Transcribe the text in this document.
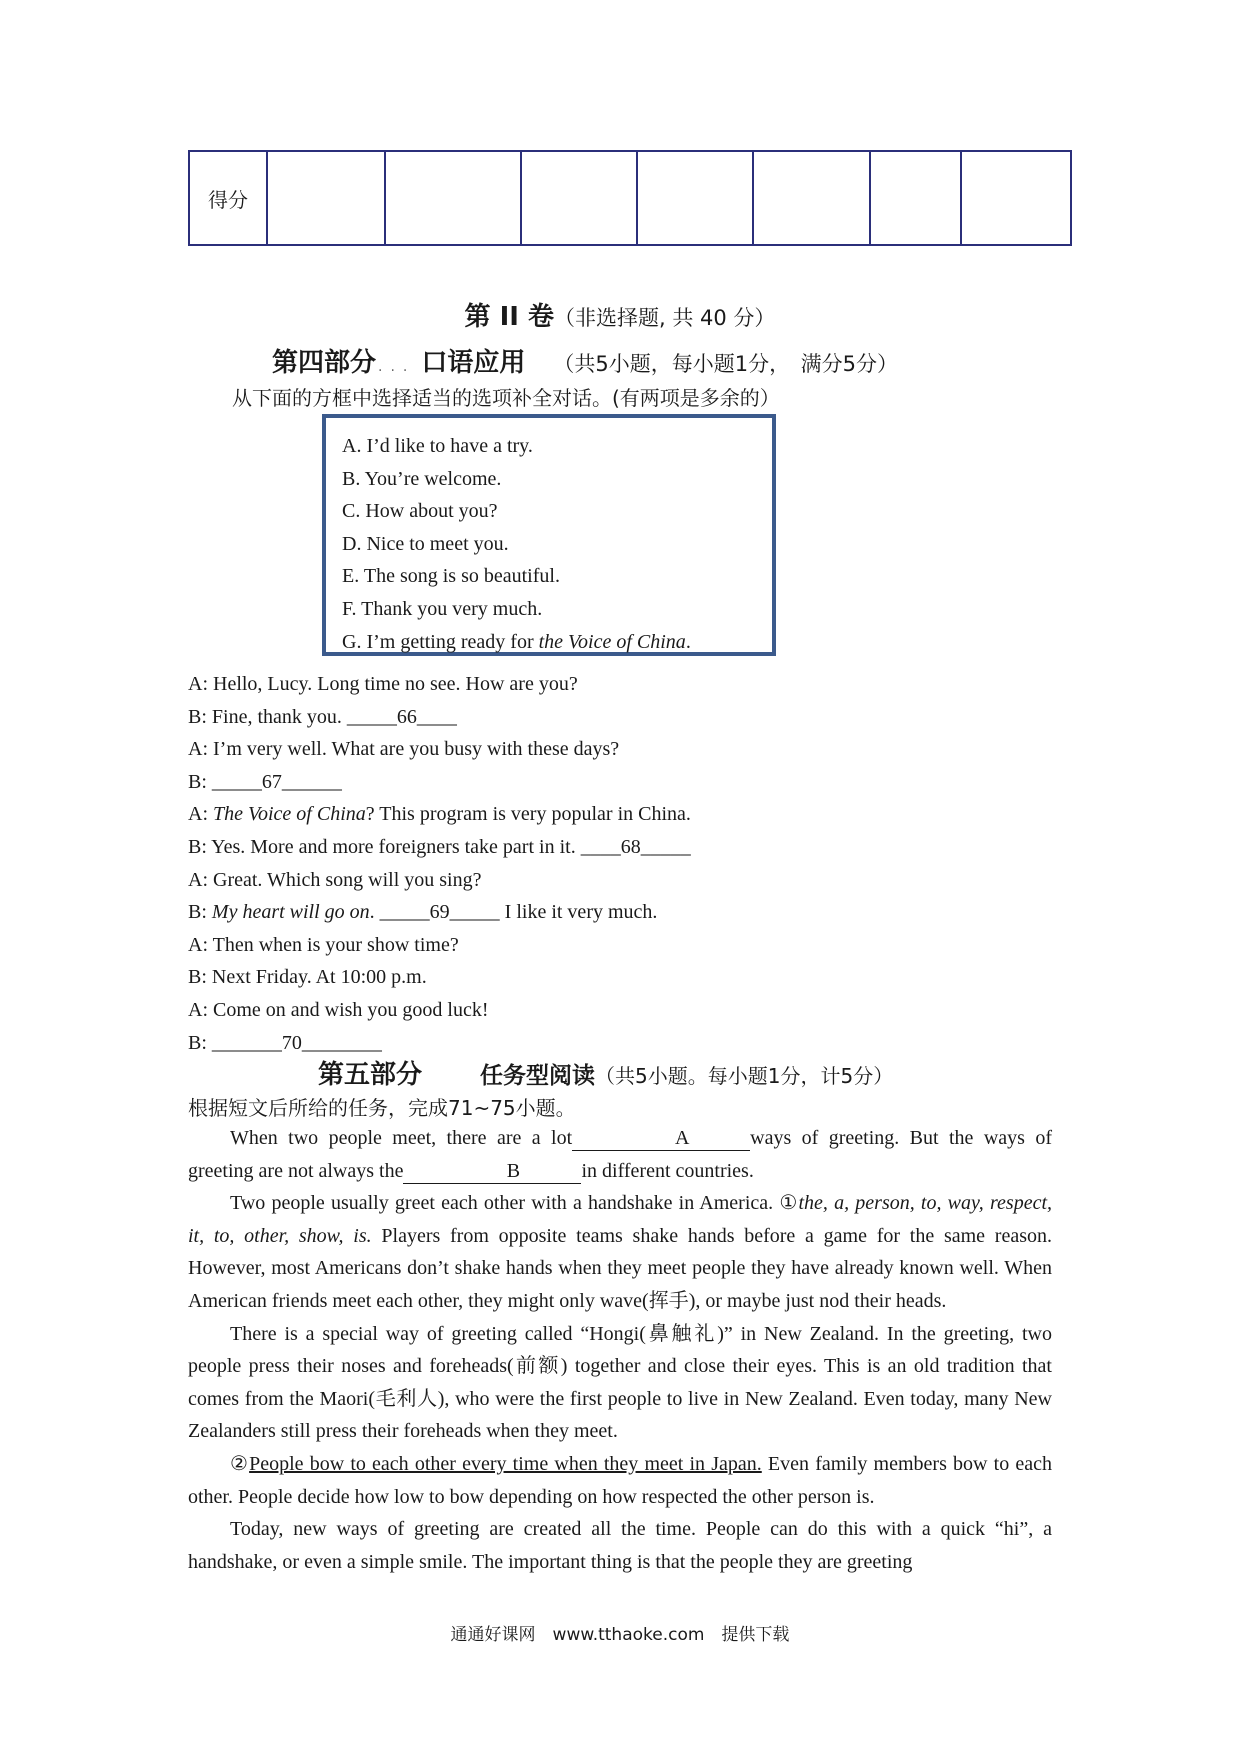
得分							
第 II 卷（非选择题, 共 40 分）
第四部分 ... 口语应用 （共5小题，每小题1分，　满分5分）
从下面的方框中选择适当的选项补全对话。(有两项是多余的）
A. I’d like to have a try.
B. You’re welcome.
C. How about you?
D. Nice to meet you.
E. The song is so beautiful.
F. Thank you very much.
G. I’m getting ready for the Voice of China.
A: Hello, Lucy. Long time no see. How are you?
B: Fine, thank you. _____66____
A: I’m very well. What are you busy with these days?
B: _____67______
A: The Voice of China? This program is very popular in China.
B: Yes. More and more foreigners take part in it. ____68_____
A: Great. Which song will you sing?
B: My heart will go on. _____69_____ I like it very much.
A: Then when is your show time?
B: Next Friday. At 10:00 p.m.
A: Come on and wish you good luck!
B: _______70________
第五部分	任务型阅读（共5小题。每小题1分，计5分）
根据短文后所给的任务，完成71~75小题。

When two people meet, there are a lot	A	ways of greeting. But the ways of greeting are not always the	B	in different countries.

Two people usually greet each other with a handshake in America. ①the, a, person, to, way, respect, it, to, other, show, is. Players from opposite teams shake hands before a game for the same reason. However, most Americans don’t shake hands when they meet people they have already known well. When American friends meet each other, they might only wave(挥手), or maybe just nod their heads.

There is a special way of greeting called “Hongi(鼻触礼)” in New Zealand. In the greeting, two people press their noses and foreheads(前额) together and close their eyes. This is an old tradition that comes from the Maori(毛利人), who were the first people to live in New Zealand. Even today, many New Zealanders still press their foreheads when they meet.

②People bow to each other every time when they meet in Japan. Even family members bow to each other. People decide how low to bow depending on how respected the other person is.

Today, new ways of greeting are created all the time. People can do this with a quick “hi”, a handshake, or even a simple smile. The important thing is that the people they are greeting

通通好课网　www.tthaoke.com　提供下载
